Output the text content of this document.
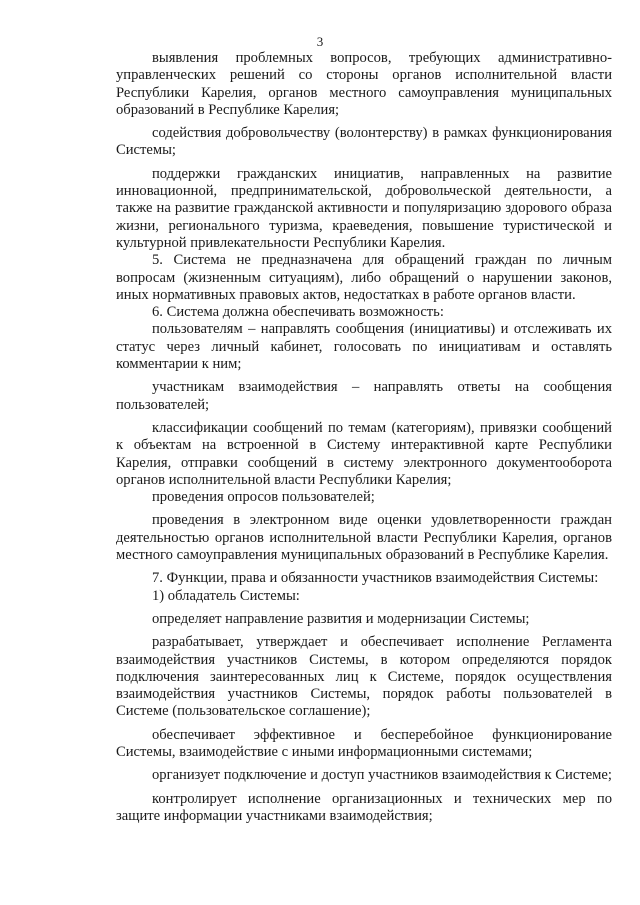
3

выявления проблемных вопросов, требующих административно-управленческих решений со стороны органов исполнительной власти Республики Карелия, органов местного самоуправления муниципальных образований в Республике Карелия;

содействия добровольчеству (волонтерству) в рамках функционирования Системы;

поддержки гражданских инициатив, направленных на развитие инновационной, предпринимательской, добровольческой деятельности, а также на развитие гражданской активности и популяризацию здорового образа жизни, регионального туризма, краеведения, повышение туристической и культурной привлекательности Республики Карелия.

5. Система не предназначена для обращений граждан по личным вопросам (жизненным ситуациям), либо обращений о нарушении законов, иных нормативных правовых актов, недостатках в работе органов власти.

6. Система должна обеспечивать возможность:

пользователям – направлять сообщения (инициативы) и отслеживать их статус через личный кабинет, голосовать по инициативам и оставлять комментарии к ним;

участникам взаимодействия – направлять ответы на сообщения пользователей;

классификации сообщений по темам (категориям), привязки сообщений к объектам на встроенной в Систему интерактивной карте Республики Карелия, отправки сообщений в систему электронного документооборота органов исполнительной власти Республики Карелия;

проведения опросов пользователей;

проведения в электронном виде оценки удовлетворенности граждан деятельностью органов исполнительной власти Республики Карелия, органов местного самоуправления муниципальных образований в Республике Карелия.

7. Функции, права и обязанности участников взаимодействия Системы:

1) обладатель Системы:

определяет направление развития и модернизации Системы;

разрабатывает, утверждает и обеспечивает исполнение Регламента взаимодействия участников Системы, в котором определяются порядок подключения заинтересованных лиц к Системе, порядок осуществления взаимодействия участников Системы, порядок работы пользователей в Системе (пользовательское соглашение);

обеспечивает эффективное и бесперебойное функционирование Системы, взаимодействие с иными информационными системами;

организует подключение и доступ участников взаимодействия к Системе;

контролирует исполнение организационных и технических мер по защите информации участниками взаимодействия;
